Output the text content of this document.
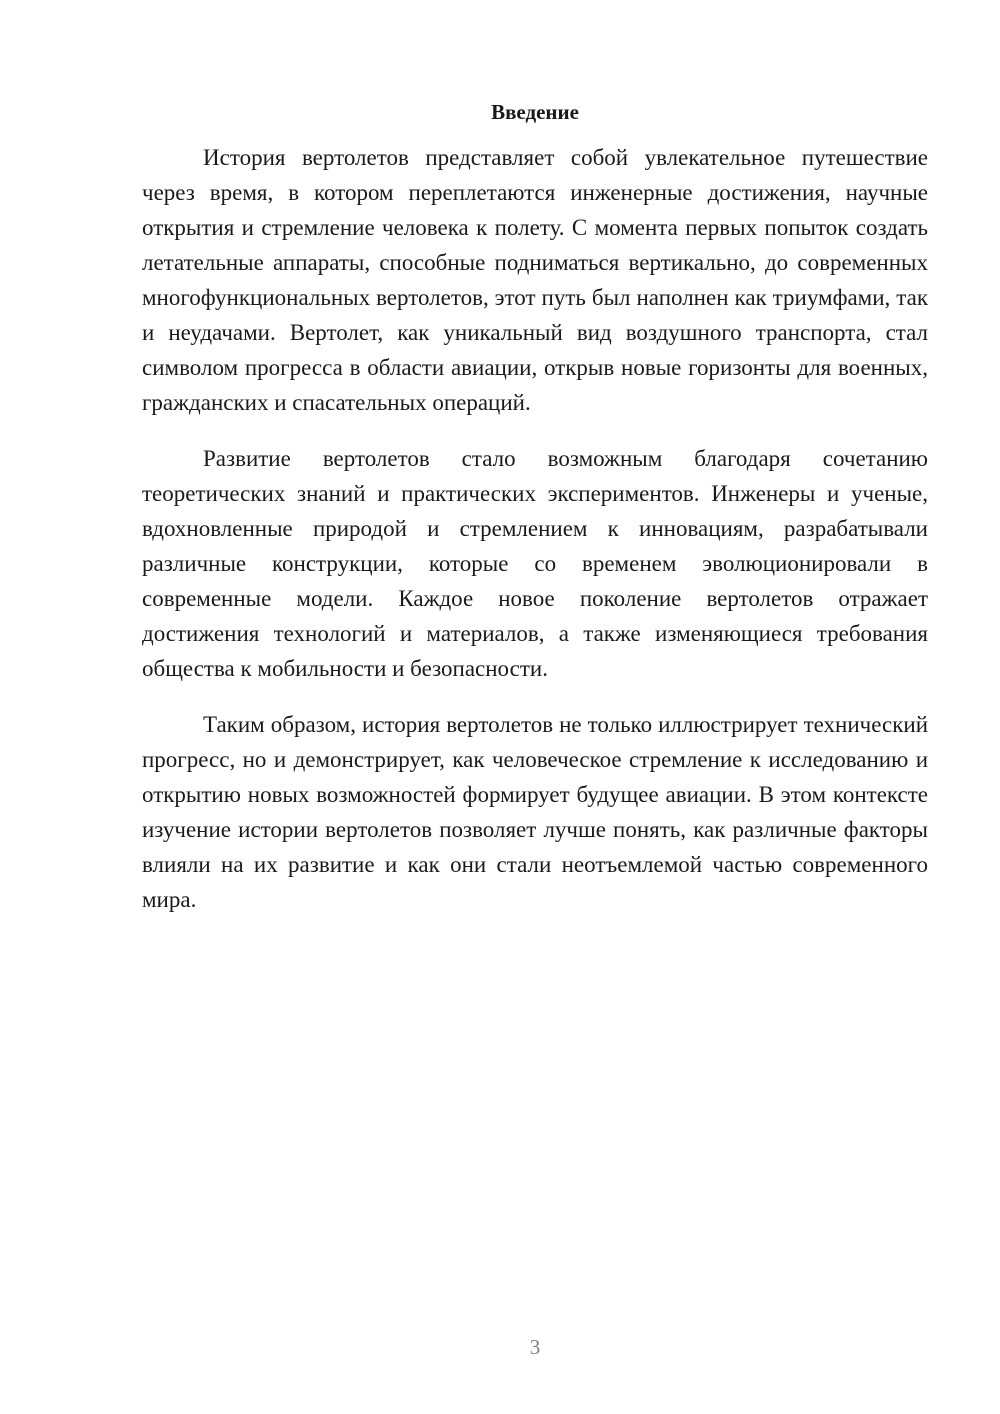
Введение

История вертолетов представляет собой увлекательное путешествие через время, в котором переплетаются инженерные достижения, научные открытия и стремление человека к полету. С момента первых попыток создать летательные аппараты, способные подниматься вертикально, до современных многофункциональных вертолетов, этот путь был наполнен как триумфами, так и неудачами. Вертолет, как уникальный вид воздушного транспорта, стал символом прогресса в области авиации, открыв новые горизонты для военных, гражданских и спасательных операций.

Развитие вертолетов стало возможным благодаря сочетанию теоретических знаний и практических экспериментов. Инженеры и ученые, вдохновленные природой и стремлением к инновациям, разрабатывали различные конструкции, которые со временем эволюционировали в современные модели. Каждое новое поколение вертолетов отражает достижения технологий и материалов, а также изменяющиеся требования общества к мобильности и безопасности.

Таким образом, история вертолетов не только иллюстрирует технический прогресс, но и демонстрирует, как человеческое стремление к исследованию и открытию новых возможностей формирует будущее авиации. В этом контексте изучение истории вертолетов позволяет лучше понять, как различные факторы влияли на их развитие и как они стали неотъемлемой частью современного мира.

3
